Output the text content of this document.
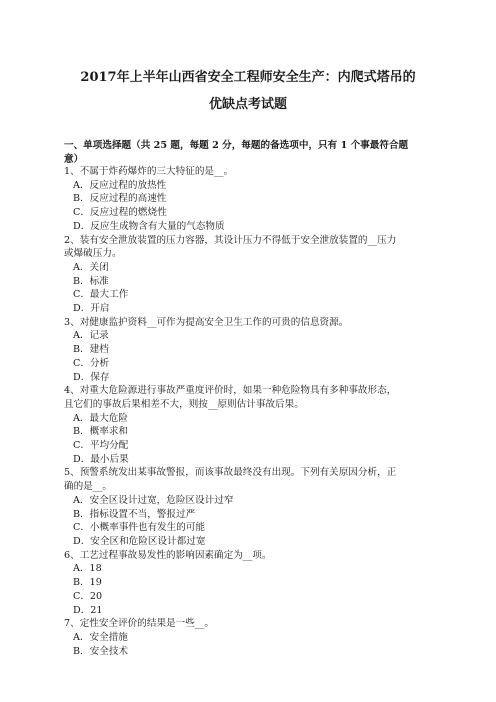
2017年上半年山西省安全工程师安全生产：内爬式塔吊的
优缺点考试题
一、单项选择题（共 25 题，每题 2 分，每题的备选项中，只有 1 个事最符合题
意）
1、不属于炸药爆炸的三大特征的是__。
A．反应过程的放热性
B．反应过程的高速性
C．反应过程的燃烧性
D．反应生成物含有大量的气态物质
2、装有安全泄放装置的压力容器，其设计压力不得低于安全泄放装置的__压力
或爆破压力。
A．关闭
B．标准
C．最大工作
D．开启
3、对健康监护资料__可作为提高安全卫生工作的可贵的信息资源。
A．记录
B．建档
C．分析
D．保存
4、对重大危险源进行事故严重度评价时，如果一种危险物具有多种事故形态，
且它们的事故后果相差不大，则按__原则估计事故后果。
A．最大危险
B．概率求和
C．平均分配
D．最小后果
5、预警系统发出某事故警报，而该事故最终没有出现。下列有关原因分析，正
确的是__。
A．安全区设计过宽，危险区设计过窄
B．指标设置不当，警报过严
C．小概率事件也有发生的可能
D．安全区和危险区设计都过宽
6、工艺过程事故易发性的影响因素确定为__项。
A．18
B．19
C．20
D．21
7、定性安全评价的结果是一些__。
A．安全措施
B．安全技术
